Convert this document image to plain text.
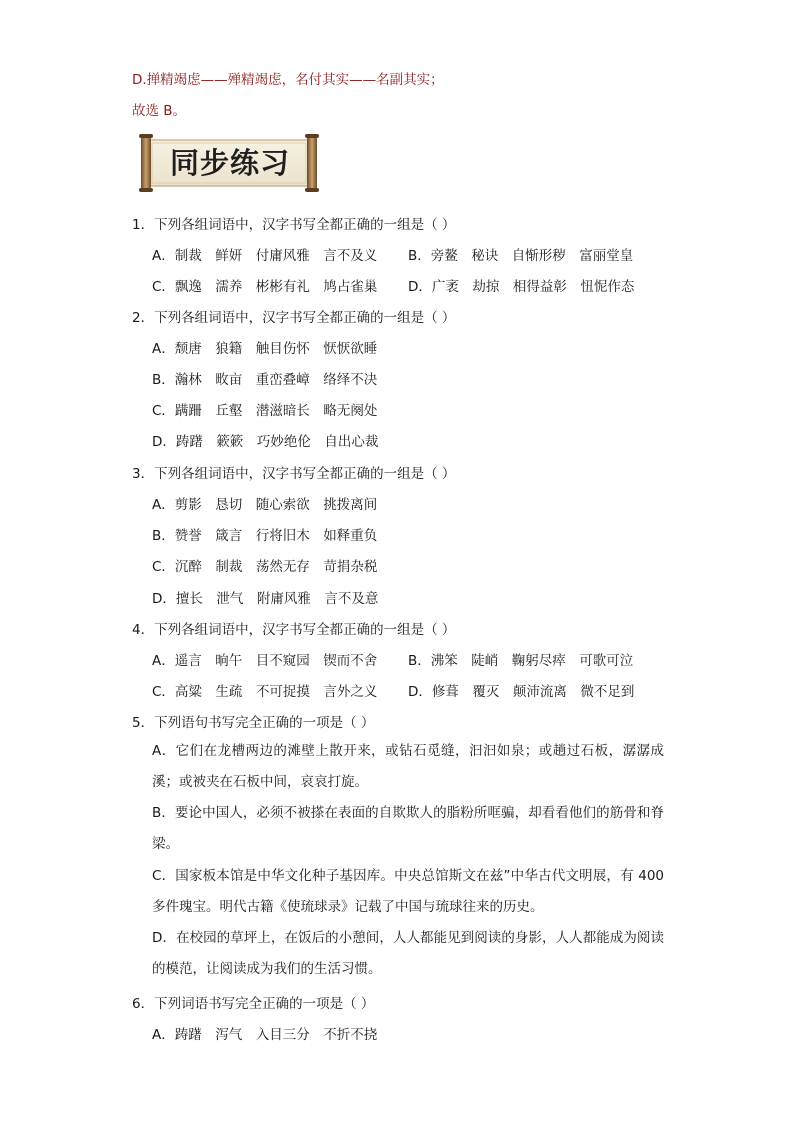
D.掸精竭虑——殚精竭虑，名付其实——名副其实；
故选 B。
同步练习
1．下列各组词语中，汉字书写全都正确的一组是（ ）
A．制裁　鲜妍　付庸风雅　言不及义 B．旁鳌　秘诀　自惭形秽　富丽堂皇
C．飘逸　濡养　彬彬有礼　鸠占雀巢 D．广袤　劫掠　相得益彰　忸怩作态
2．下列各组词语中，汉字书写全都正确的一组是（ ）
A．颓唐　狼籍　触目伤怀　恹恹欲睡
B．瀚林　畋亩　重峦叠嶂　络绎不决
C．蹒跚　丘壑　潜滋暗长　略无阕处
D．踌躇　簌簌　巧妙绝伦　自出心裁
3．下列各组词语中，汉字书写全都正确的一组是（ ）
A．剪影　恳切　随心索欲　挑拨离间
B．赞誉　箴言　行将旧木　如释重负
C．沉醉　制裁　荡然无存　苛捐杂税
D．擅长　泄气　附庸风雅　言不及意
4．下列各组词语中，汉字书写全都正确的一组是（ ）
A．遥言　晌午　目不窥园　锲而不舍 B．沸笨　陡峭　鞠躬尽瘁　可歌可泣
C．高粱　生疏　不可捉摸　言外之义 D．修葺　覆灭　颠沛流离　微不足到
5．下列语句书写完全正确的一项是（ ）
A．它们在龙槽两边的滩壁上散开来，或钻石觅缝，汩汩如泉；或趟过石板，潺潺成溪；或被夹在石板中间，哀哀打旋。
B．要论中国人，必须不被搽在表面的自欺欺人的脂粉所哐骗，却看看他们的筋骨和脊梁。
C．国家板本馆是中华文化种子基因库。中央总馆斯文在兹”中华古代文明展，有 400 多件瑰宝。明代古籍《使琉球录》记载了中国与琉球往来的历史。
D．在校园的草坪上，在饭后的小憩间，人人都能见到阅读的身影，人人都能成为阅读的模范，让阅读成为我们的生活习惯。
6．下列词语书写完全正确的一项是（ ）
A．踌躇　泻气　入目三分　不折不挠
